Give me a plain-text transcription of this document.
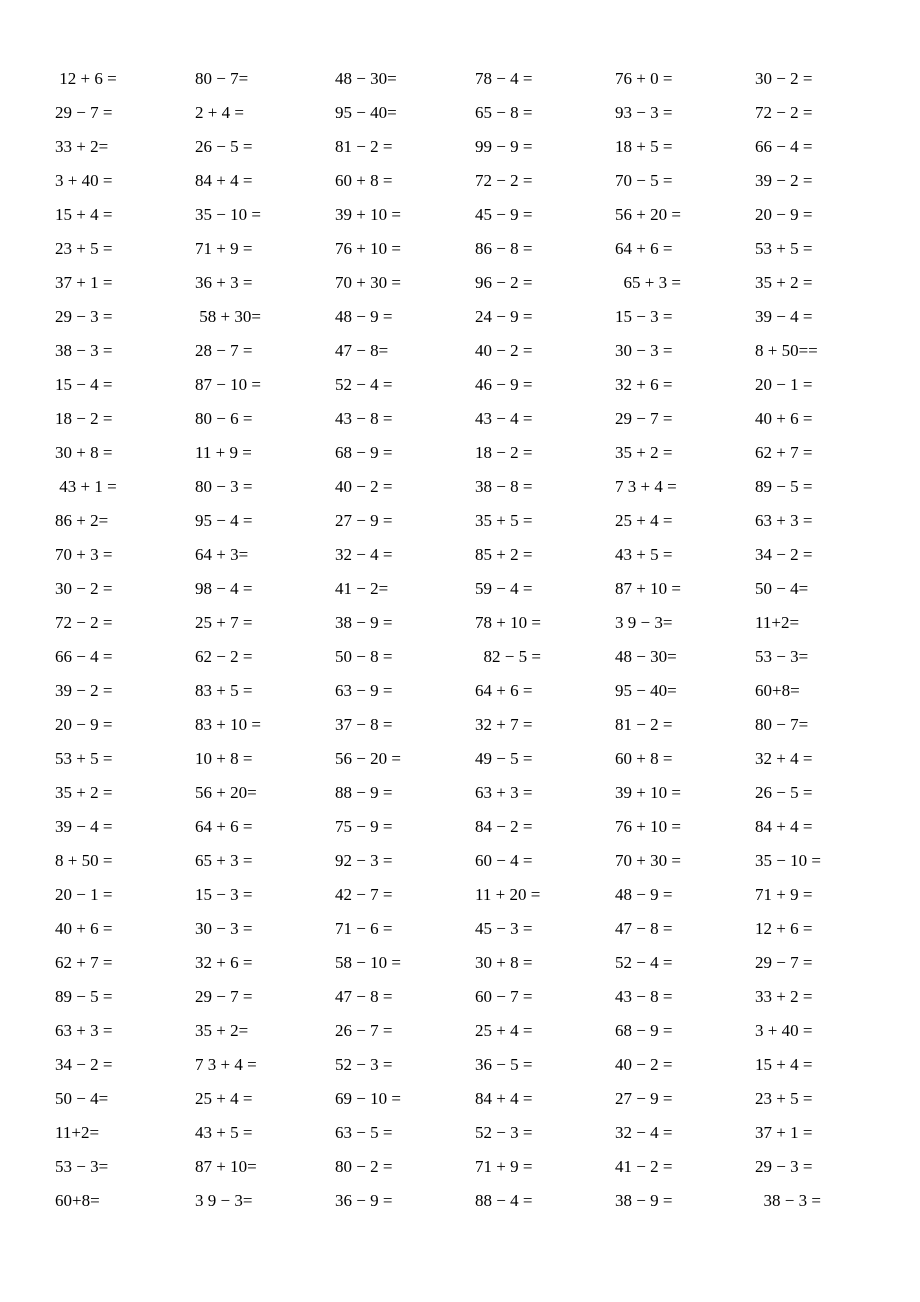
12 + 6 =	80 − 7=	48 − 30=	78 − 4 =	76 + 0 =	30 − 2 =
29 − 7 =	2 + 4 =	95 − 40=	65 − 8 =	93 − 3 =	72 − 2 =
33 + 2=	26 − 5 =	81 − 2 =	99 − 9 =	18 + 5 =	66 − 4 =
3 + 40 =	84 + 4 =	60 + 8 =	72 − 2 =	70 − 5 =	39 − 2 =
15 + 4 =	35 − 10 =	39 + 10 =	45 − 9 =	56 + 20 =	20 − 9 =
23 + 5 =	71 + 9 =	76 + 10 =	86 − 8 =	64 + 6 =	53 + 5 =
37 + 1 =	36 + 3 =	70 + 30 =	96 − 2 =	65 + 3 =	35 + 2 =
29 − 3 =	58 + 30=	48 − 9 =	24 − 9 =	15 − 3 =	39 − 4 =
38 − 3 =	28 − 7 =	47 − 8=	40 − 2 =	30 − 3 =	8 + 50==
15 − 4 =	87 − 10 =	52 − 4 =	46 − 9 =	32 + 6 =	20 − 1 =
18 − 2 =	80 − 6 =	43 − 8 =	43 − 4 =	29 − 7 =	40 + 6 =
30 + 8 =	11 + 9 =	68 − 9 =	18 − 2 =	35 + 2 =	62 + 7 =
43 + 1 =	80 − 3 =	40 − 2 =	38 − 8 =	7 3 + 4 =	89 − 5 =
86 + 2=	95 − 4 =	27 − 9 =	35 + 5 =	25 + 4 =	63 + 3 =
70 + 3 =	64 + 3=	32 − 4 =	85 + 2 =	43 + 5 =	34 − 2 =
30 − 2 =	98 − 4 =	41 − 2=	59 − 4 =	87 + 10 =	50 − 4=
72 − 2 =	25 + 7 =	38 − 9 =	78 + 10 =	3 9 − 3=	11+2=
66 − 4 =	62 − 2 =	50 − 8 =	82 − 5 =	48 − 30=	53 − 3=
39 − 2 =	83 + 5 =	63 − 9 =	64 + 6 =	95 − 40=	60+8=
20 − 9 =	83 + 10 =	37 − 8 =	32 + 7 =	81 − 2 =	80 − 7=
53 + 5 =	10 + 8 =	56 − 20 =	49 − 5 =	60 + 8 =	32 + 4 =
35 + 2 =	56 + 20=	88 − 9 =	63 + 3 =	39 + 10 =	26 − 5 =
39 − 4 =	64 + 6 =	75 − 9 =	84 − 2 =	76 + 10 =	84 + 4 =
8 + 50 =	65 + 3 =	92 − 3 =	60 − 4 =	70 + 30 =	35 − 10 =
20 − 1 =	15 − 3 =	42 − 7 =	11 + 20 =	48 − 9 =	71 + 9 =
40 + 6 =	30 − 3 =	71 − 6 =	45 − 3 =	47 − 8 =	12 + 6 =
62 + 7 =	32 + 6 =	58 − 10 =	30 + 8 =	52 − 4 =	29 − 7 =
89 − 5 =	29 − 7 =	47 − 8 =	60 − 7 =	43 − 8 =	33 + 2 =
63 + 3 =	35 + 2=	26 − 7 =	25 + 4 =	68 − 9 =	3 + 40 =
34 − 2 =	7 3 + 4 =	52 − 3 =	36 − 5 =	40 − 2 =	15 + 4 =
50 − 4=	25 + 4 =	69 − 10 =	84 + 4 =	27 − 9 =	23 + 5 =
11+2=	43 + 5 =	63 − 5 =	52 − 3 =	32 − 4 =	37 + 1 =
53 − 3=	87 + 10=	80 − 2 =	71 + 9 =	41 − 2 =	29 − 3 =
60+8=	3 9 − 3=	36 − 9 =	88 − 4 =	38 − 9 =	38 − 3 =
